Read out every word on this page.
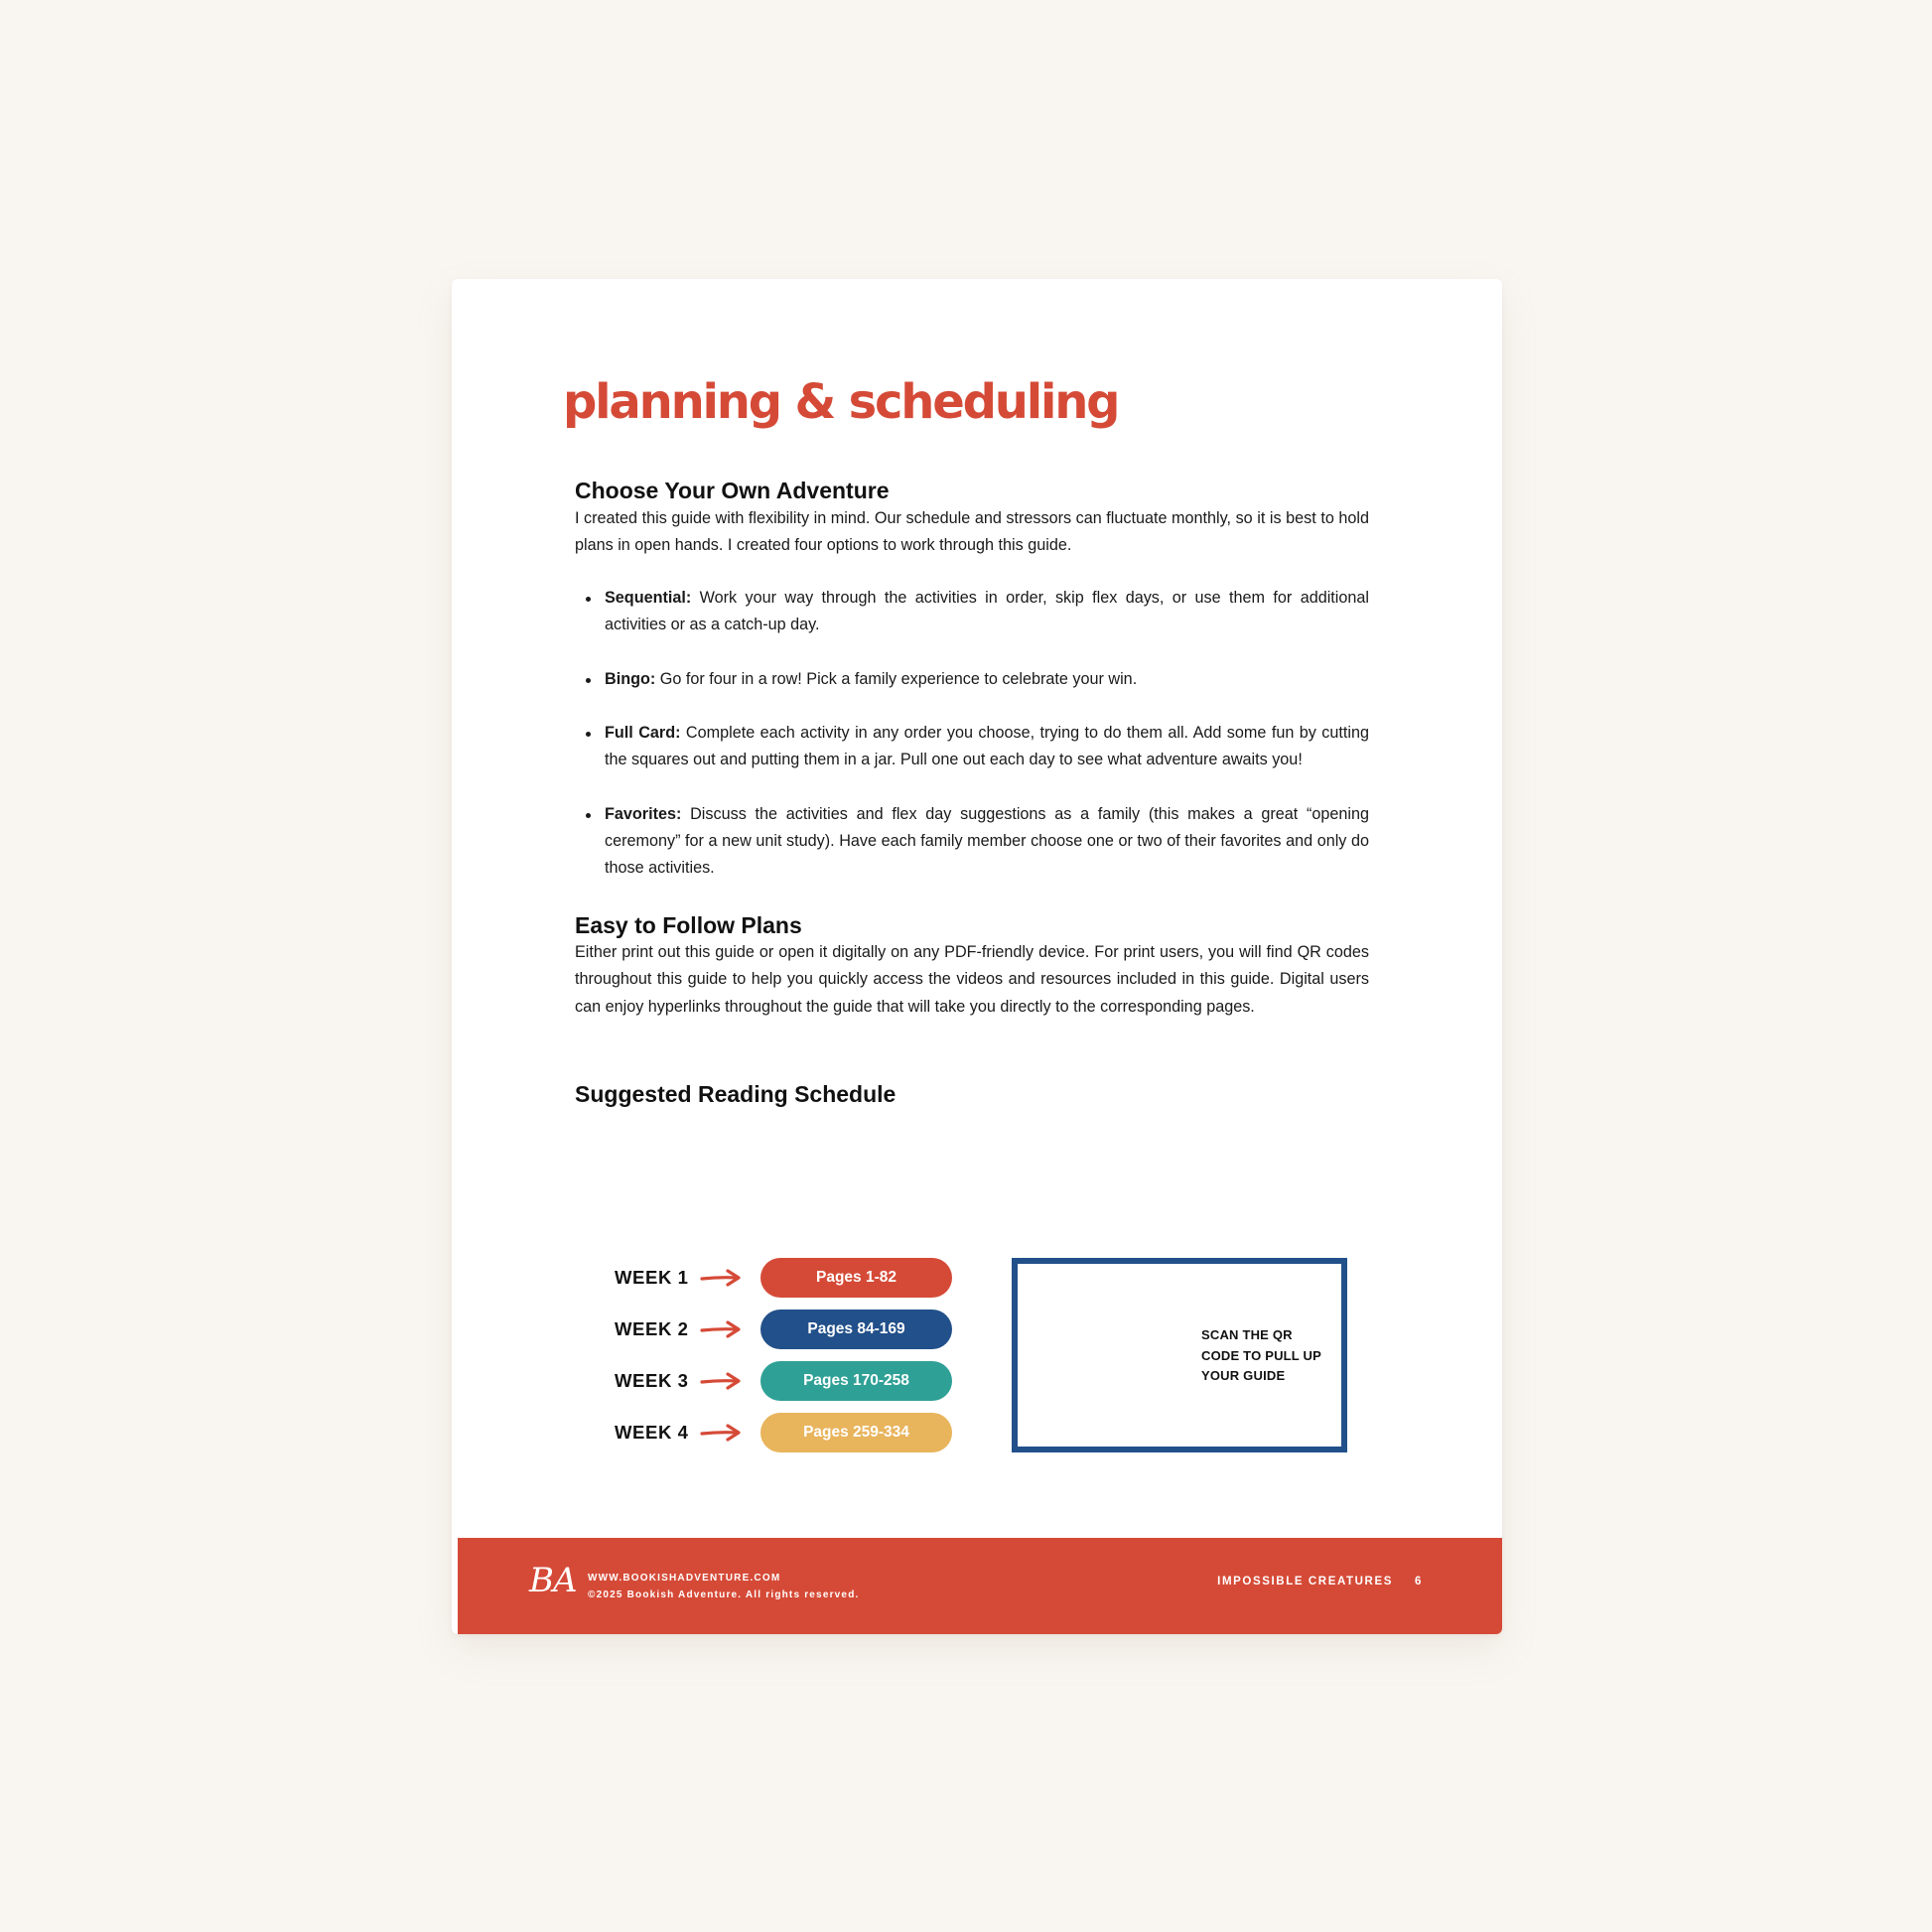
planning & scheduling
Choose Your Own Adventure

I created this guide with flexibility in mind. Our schedule and stressors can fluctuate monthly, so it is best to hold plans in open hands. I created four options to work through this guide.

Sequential: Work your way through the activities in order, skip flex days, or use them for additional activities or as a catch-up day.
Bingo: Go for four in a row! Pick a family experience to celebrate your win.
Full Card: Complete each activity in any order you choose, trying to do them all. Add some fun by cutting the squares out and putting them in a jar. Pull one out each day to see what adventure awaits you!
Favorites: Discuss the activities and flex day suggestions as a family (this makes a great “opening ceremony” for a new unit study). Have each family member choose one or two of their favorites and only do those activities.
Easy to Follow Plans

Either print out this guide or open it digitally on any PDF-friendly device. For print users, you will find QR codes throughout this guide to help you quickly access the videos and resources included in this guide. Digital users can enjoy hyperlinks throughout the guide that will take you directly to the corresponding pages.

Suggested Reading Schedule
WEEK 1	Pages 1-82
WEEK 2	Pages 84-169
WEEK 3	Pages 170-258
WEEK 4	Pages 259-334
SCAN THE QR CODE TO PULL UP YOUR GUIDE
BA WWW.BOOKISHADVENTURE.COM
©2025 Bookish Adventure. All rights reserved.
IMPOSSIBLE CREATURES 6
